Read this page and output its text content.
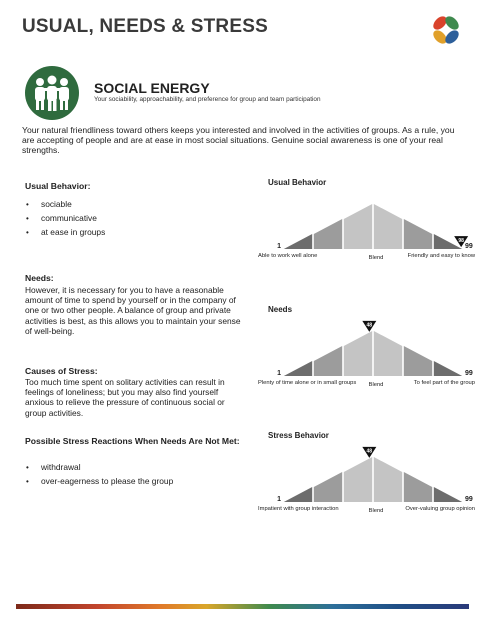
USUAL, NEEDS & STRESS
SOCIAL ENERGY
Your sociability, approachability, and preference for group and team participation
Your natural friendliness toward others keeps you interested and involved in the activities of groups. As a rule, you are accepting of people and are at ease in most social situations. Genuine social awareness is one of your real strengths.
Usual Behavior:
• sociable
• communicative
• at ease in groups
Needs:
However, it is necessary for you to have a reasonable amount of time to spend by yourself or in the company of one or two other people. A balance of group and private activities is best, as this allows you to maintain your sense of well-being.
Causes of Stress:
Too much time spent on solitary activities can result in feelings of loneliness; but you may also find yourself anxious to relieve the pressure of continuous social or group activities.
Possible Stress Reactions When Needs Are Not Met:
• withdrawal
• over-eagerness to please the group
Usual Behavior
98
1	99
Able to work well alone	Blend	Friendly and easy to know
Needs
48
1	99
Plenty of time alone or in small groups Blend	To feel part of the group
Stress Behavior
48
1	99
Impatient with group interaction	Blend	Over-valuing group opinion
